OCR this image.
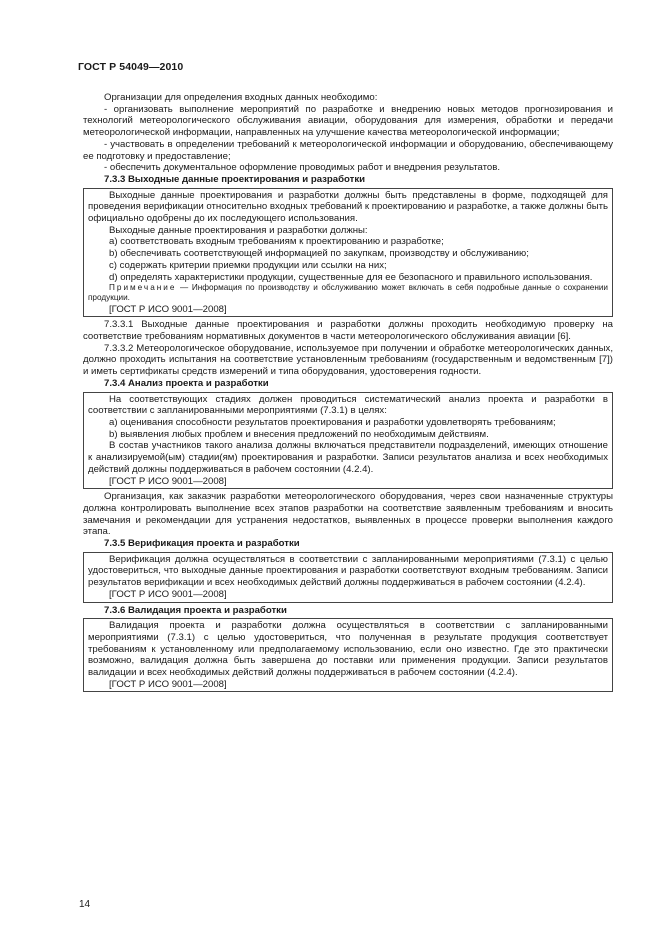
ГОСТ Р 54049—2010

Организации для определения входных данных необходимо:

- организовать выполнение мероприятий по разработке и внедрению новых методов прогнозирования и технологий метеорологического обслуживания авиации, оборудования для измерения, обработки и передачи метеорологической информации, направленных на улучшение качества метеорологической информации;

- участвовать в определении требований к метеорологической информации и оборудованию, обеспечивающему ее подготовку и предоставление;

- обеспечить документальное оформление проводимых работ и внедрения результатов.

7.3.3 Выходные данные проектирования и разработки

Выходные данные проектирования и разработки должны быть представлены в форме, подходящей для проведения верификации относительно входных требований к проектированию и разработке, а также должны быть официально одобрены до их последующего использования.

Выходные данные проектирования и разработки должны:

a) соответствовать входным требованиям к проектированию и разработке;

b) обеспечивать соответствующей информацией по закупкам, производству и обслуживанию;

c) содержать критерии приемки продукции или ссылки на них;

d) определять характеристики продукции, существенные для ее безопасного и правильного использования.

Примечание — Информация по производству и обслуживанию может включать в себя подробные данные о сохранении продукции.

[ГОСТ Р ИСО 9001—2008]

7.3.3.1 Выходные данные проектирования и разработки должны проходить необходимую проверку на соответствие требованиям нормативных документов в части метеорологического обслуживания авиации [6].

7.3.3.2 Метеорологическое оборудование, используемое при получении и обработке метеорологических данных, должно проходить испытания на соответствие установленным требованиям (государственным и ведомственным [7]) и иметь сертификаты средств измерений и типа оборудования, удостоверения годности.

7.3.4 Анализ проекта и разработки

На соответствующих стадиях должен проводиться систематический анализ проекта и разработки в соответствии с запланированными мероприятиями (7.3.1) в целях:

a) оценивания способности результатов проектирования и разработки удовлетворять требованиям;

b) выявления любых проблем и внесения предложений по необходимым действиям.

В состав участников такого анализа должны включаться представители подразделений, имеющих отношение к анализируемой(ым) стадии(ям) проектирования и разработки. Записи результатов анализа и всех необходимых действий должны поддерживаться в рабочем состоянии (4.2.4).

[ГОСТ Р ИСО 9001—2008]

Организация, как заказчик разработки метеорологического оборудования, через свои назначенные структуры должна контролировать выполнение всех этапов разработки на соответствие заявленным требованиям и вносить замечания и рекомендации для устранения недостатков, выявленных в процессе проверки выполнения каждого этапа.

7.3.5 Верификация проекта и разработки

Верификация должна осуществляться в соответствии с запланированными мероприятиями (7.3.1) с целью удостовериться, что выходные данные проектирования и разработки соответствуют входным требованиям. Записи результатов верификации и всех необходимых действий должны поддерживаться в рабочем состоянии (4.2.4).

[ГОСТ Р ИСО 9001—2008]

7.3.6 Валидация проекта и разработки

Валидация проекта и разработки должна осуществляться в соответствии с запланированными мероприятиями (7.3.1) с целью удостовериться, что полученная в результате продукция соответствует требованиям к установленному или предполагаемому использованию, если оно известно. Где это практически возможно, валидация должна быть завершена до поставки или применения продукции. Записи результатов валидации и всех необходимых действий должны поддерживаться в рабочем состоянии (4.2.4).

[ГОСТ Р ИСО 9001—2008]

14
